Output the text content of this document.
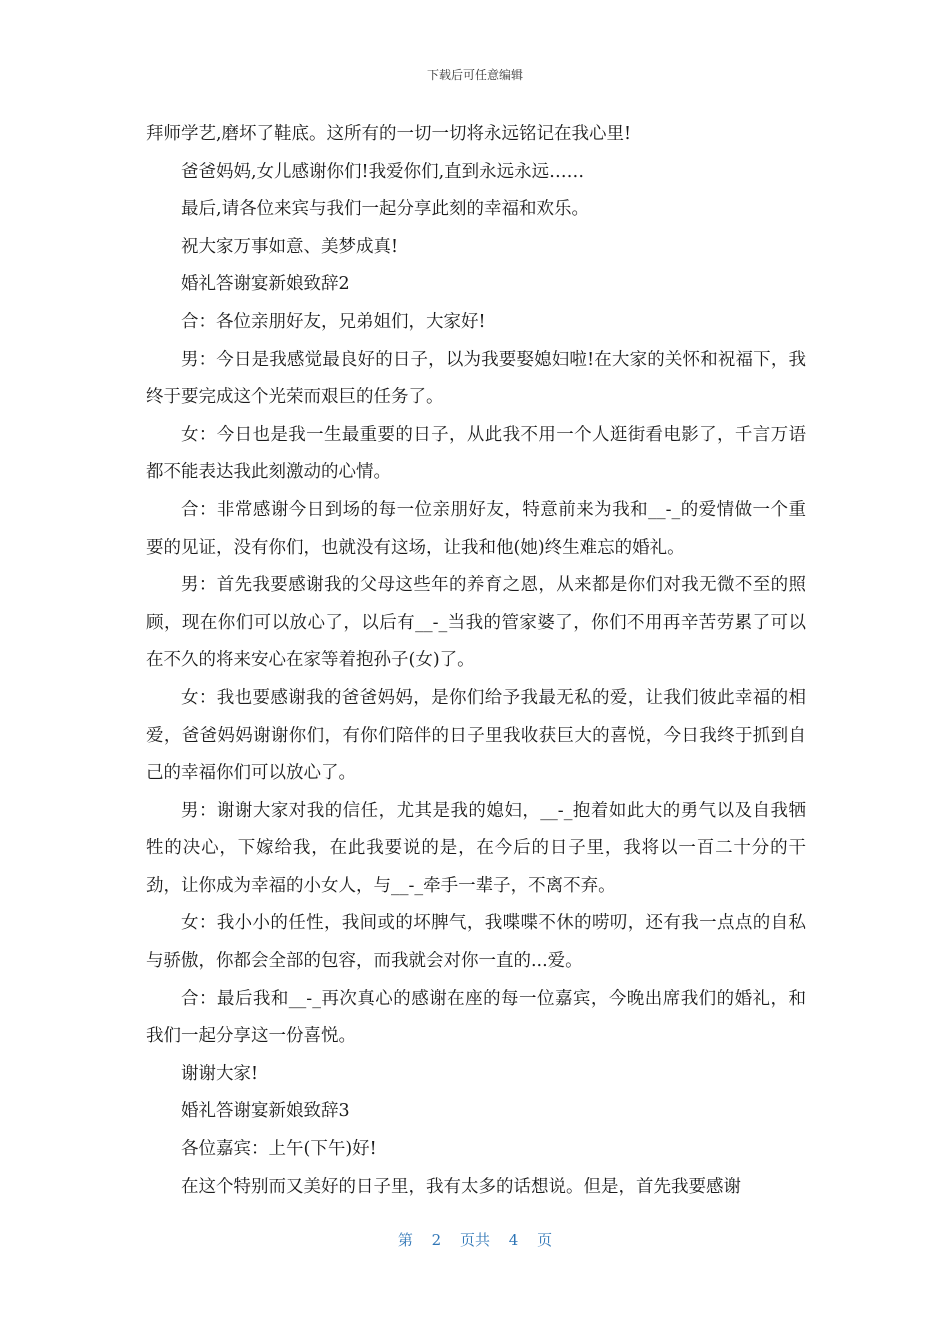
下载后可任意编辑

拜师学艺,磨坏了鞋底。这所有的一切一切将永远铭记在我心里!

爸爸妈妈,女儿感谢你们!我爱你们,直到永远永远……

最后,请各位来宾与我们一起分享此刻的幸福和欢乐。

祝大家万事如意、美梦成真!

婚礼答谢宴新娘致辞2

合：各位亲朋好友，兄弟姐们，大家好!

男：今日是我感觉最良好的日子，以为我要娶媳妇啦!在大家的关怀和祝福下，我终于要完成这个光荣而艰巨的任务了。

女：今日也是我一生最重要的日子，从此我不用一个人逛街看电影了，千言万语都不能表达我此刻激动的心情。

合：非常感谢今日到场的每一位亲朋好友，特意前来为我和__-_的爱情做一个重要的见证，没有你们，也就没有这场，让我和他(她)终生难忘的婚礼。

男：首先我要感谢我的父母这些年的养育之恩，从来都是你们对我无微不至的照顾，现在你们可以放心了，以后有__-_当我的管家婆了，你们不用再辛苦劳累了可以在不久的将来安心在家等着抱孙子(女)了。

女：我也要感谢我的爸爸妈妈，是你们给予我最无私的爱，让我们彼此幸福的相爱，爸爸妈妈谢谢你们，有你们陪伴的日子里我收获巨大的喜悦，今日我终于抓到自己的幸福你们可以放心了。

男：谢谢大家对我的信任，尤其是我的媳妇，__-_抱着如此大的勇气以及自我牺牲的决心，下嫁给我，在此我要说的是，在今后的日子里，我将以一百二十分的干劲，让你成为幸福的小女人，与__-_牵手一辈子，不离不弃。

女：我小小的任性，我间或的坏脾气，我喋喋不休的唠叨，还有我一点点的自私与骄傲，你都会全部的包容，而我就会对你一直的...爱。

合：最后我和__-_再次真心的感谢在座的每一位嘉宾，今晚出席我们的婚礼，和我们一起分享这一份喜悦。

谢谢大家!

婚礼答谢宴新娘致辞3

各位嘉宾：上午(下午)好!

在这个特别而又美好的日子里，我有太多的话想说。但是，首先我要感谢

第 2 页共 4 页
